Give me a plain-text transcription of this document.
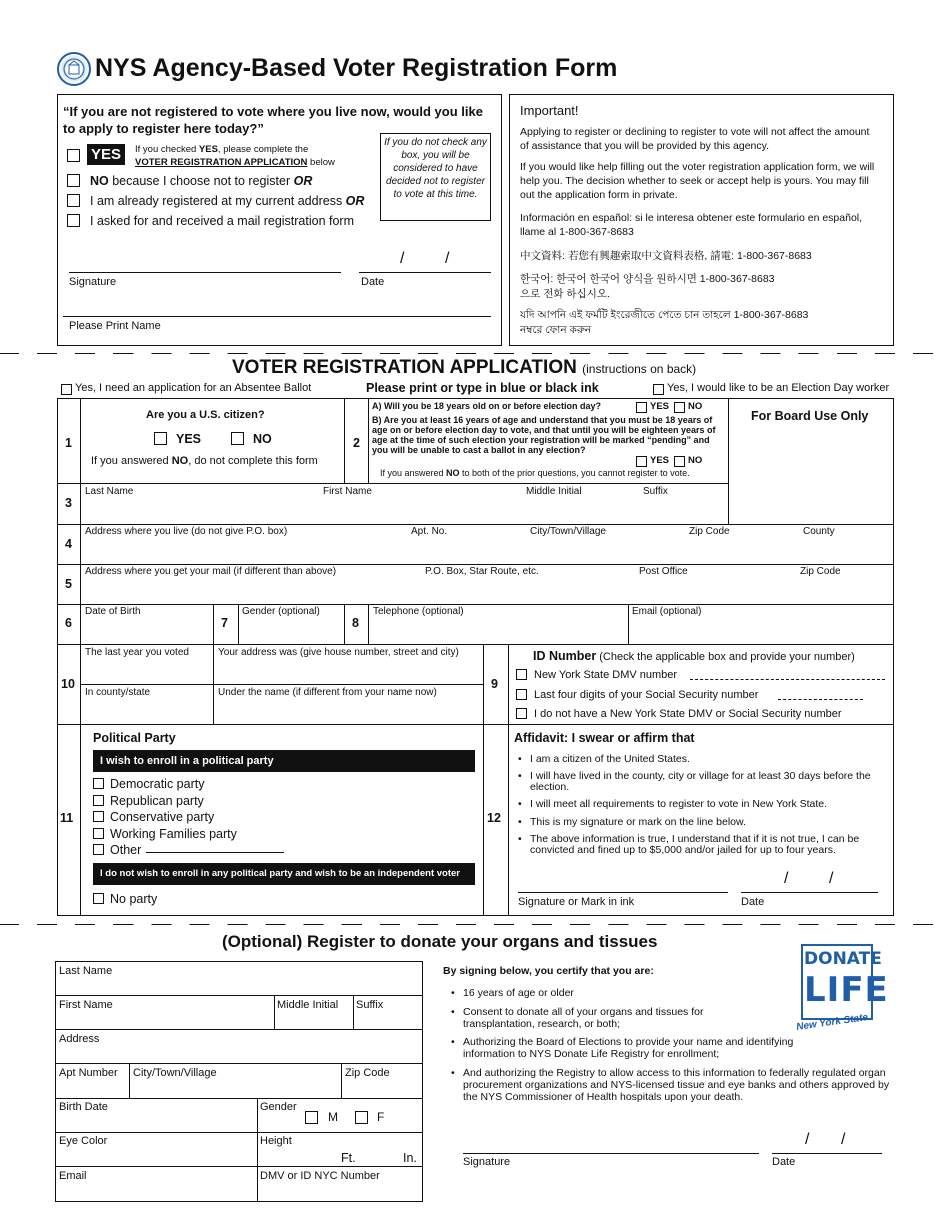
NYS Agency-Based Voter Registration Form
“If you are not registered to vote where you live now, would you like to apply to register here today?”
YES	If you checked YES, please complete the
VOTER REGISTRATION APPLICATION below
NO because I choose not to register OR
I am already registered at my current address OR
I asked for and received a mail registration form
If you do not check any box, you will be considered to have decided not to register to vote at this time.
Signature	Date
/	/
Please Print Name
Important!
Applying to register or declining to register to vote will not affect the amount of assistance that you will be provided by this agency.
If you would like help filling out the voter registration application form, we will help you. The decision whether to seek or accept help is yours. You may fill out the application form in private.
Información en español: si le interesa obtener este formulario en español, llame al 1-800-367-8683
中文資料: 若您有興趣索取中文資料表格, 請電: 1-800-367-8683
한국어: 한국어 한국어 양식을 원하시면 1-800-367-8683
으로 전화 하십시오.
যদি আপনি এই ফর্মটি ইংরেজীতে পেতে চান তাহলে 1-800-367-8683
নম্বরে ফোন করুন
VOTER REGISTRATION APPLICATION (instructions on back)
Yes, I need an application for an Absentee Ballot	Please print or type in blue or black ink	Yes, I would like to be an Election Day worker
1
Are you a U.S. citizen?
YES	NO
If you answered NO, do not complete this form
2
A) Will you be 18 years old on or before election day?	YES NO
B) Are you at least 16 years of age and understand that you must be 18 years of age on or before election day to vote, and that until you will be eighteen years of age at the time of such election your registration will be marked “pending” and you will be unable to cast a ballot in any election?
YES NO
If you answered NO to both of the prior questions, you cannot register to vote.
For Board Use Only
3
Last Name	First Name	Middle Initial	Suffix
4
Address where you live (do not give P.O. box)	Apt. No.	City/Town/Village	Zip Code	County
5
Address where you get your mail (if different than above)	P.O. Box, Star Route, etc.	Post Office	Zip Code
6
Date of Birth
7
Gender (optional)
8
Telephone (optional)	Email (optional)
10
The last year you voted	Your address was (give house number, street and city)
In county/state	Under the name (if different from your name now)
9
ID Number (Check the applicable box and provide your number)
New York State DMV number
Last four digits of your Social Security number
I do not have a New York State DMV or Social Security number
11
Political Party
I wish to enroll in a political party
Democratic party
Republican party
Conservative party
Working Families party
Other
I do not wish to enroll in any political party and wish to be an independent voter
No party
12
Affidavit: I swear or affirm that
• I am a citizen of the United States.
• I will have lived in the county, city or village for at least 30 days before the election.
• I will meet all requirements to register to vote in New York State.
• This is my signature or mark on the line below.
• The above information is true, I understand that if it is not true, I can be convicted and fined up to $5,000 and/or jailed for up to four years.
/	/
Signature or Mark in ink	Date
(Optional) Register to donate your organs and tissues
Last Name
First Name	Middle Initial Suffix
Address
Apt Number City/Town/Village	Zip Code
Birth Date	Gender
M	F
Eye Color	Height
Ft.	In.
Email	DMV or ID NYC Number
By signing below, you certify that you are:
• 16 years of age or older
• Consent to donate all of your organs and tissues for transplantation, research, or both;
• Authorizing the Board of Elections to provide your name and identifying information to NYS Donate Life Registry for enrollment;
• And authorizing the Registry to allow access to this information to federally regulated organ procurement organizations and NYS-licensed tissue and eye banks and others approved by the NYS Commissioner of Health hospitals upon your death.
DONATE
LIFE
New York State
/ /
Signature	Date
